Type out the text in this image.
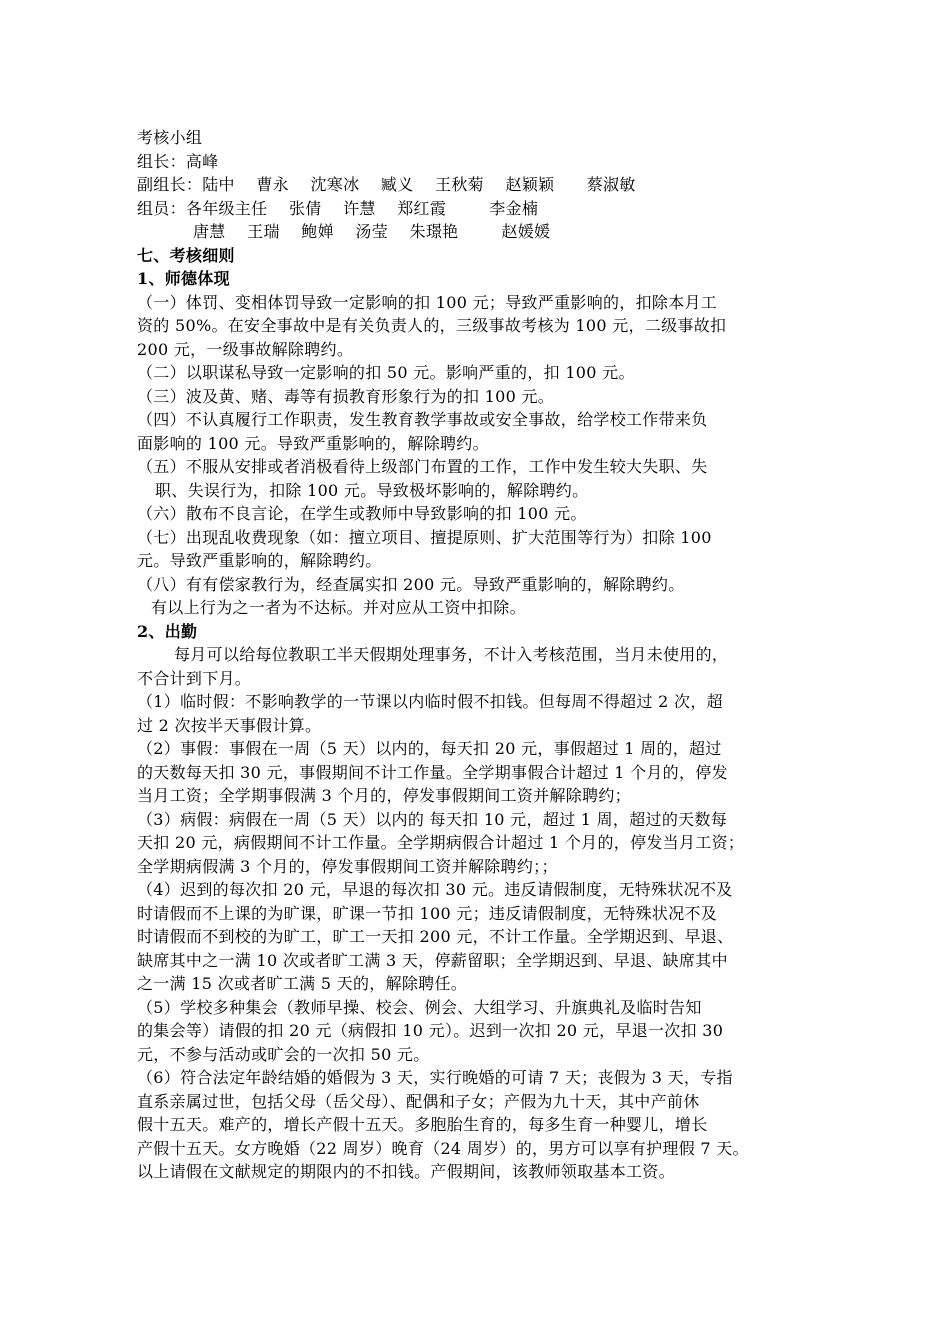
考核小组
组长：高峰
副组长：陆中    曹永    沈寒冰    臧义    王秋菊    赵颖颖      蔡淑敏
组员：各年级主任    张倩    许慧    郑红霞        李金楠
唐慧    王瑞    鲍婵    汤莹    朱璟艳        赵媛媛
七、考核细则
1、师德体现
（一）体罚、变相体罚导致一定影响的扣 100 元；导致严重影响的，扣除本月工
资的 50%。在安全事故中是有关负责人的，三级事故考核为 100 元，二级事故扣
200 元，一级事故解除聘约。
（二）以职谋私导致一定影响的扣 50 元。影响严重的，扣 100 元。
（三）波及黄、赌、毒等有损教育形象行为的扣 100 元。
（四）不认真履行工作职责，发生教育教学事故或安全事故，给学校工作带来负
面影响的 100 元。导致严重影响的，解除聘约。
（五）不服从安排或者消极看待上级部门布置的工作，工作中发生较大失职、失
职、失误行为，扣除 100 元。导致极坏影响的，解除聘约。
（六）散布不良言论，在学生或教师中导致影响的扣 100 元。
（七）出现乱收费现象（如：擅立项目、擅提原则、扩大范围等行为）扣除 100
元。导致严重影响的，解除聘约。
（八）有有偿家教行为，经查属实扣 200 元。导致严重影响的，解除聘约。
有以上行为之一者为不达标。并对应从工资中扣除。
2、出勤
每月可以给每位教职工半天假期处理事务，不计入考核范围，当月未使用的，
不合计到下月。
（1）临时假：不影响教学的一节课以内临时假不扣钱。但每周不得超过 2 次，超
过 2 次按半天事假计算。
（2）事假：事假在一周（5 天）以内的，每天扣 20 元，事假超过 1 周的，超过
的天数每天扣 30 元，事假期间不计工作量。全学期事假合计超过 1 个月的，停发
当月工资；全学期事假满 3 个月的，停发事假期间工资并解除聘约；
（3）病假：病假在一周（5 天）以内的 每天扣 10 元，超过 1 周，超过的天数每
天扣 20 元，病假期间不计工作量。全学期病假合计超过 1 个月的，停发当月工资；
全学期病假满 3 个月的，停发事假期间工资并解除聘约；；
（4）迟到的每次扣 20 元，早退的每次扣 30 元。违反请假制度，无特殊状况不及
时请假而不上课的为旷课，旷课一节扣 100 元；违反请假制度，无特殊状况不及
时请假而不到校的为旷工，旷工一天扣 200 元，不计工作量。全学期迟到、早退、
缺席其中之一满 10 次或者旷工满 3 天，停薪留职；全学期迟到、早退、缺席其中
之一满 15 次或者旷工满 5 天的，解除聘任。
（5）学校多种集会（教师早操、校会、例会、大组学习、升旗典礼及临时告知
的集会等）请假的扣 20 元（病假扣 10 元）。迟到一次扣 20 元，早退一次扣 30
元，不参与活动或旷会的一次扣 50 元。
（6）符合法定年龄结婚的婚假为 3 天，实行晚婚的可请 7 天；丧假为 3 天，专指
直系亲属过世，包括父母（岳父母）、配偶和子女；产假为九十天，其中产前休
假十五天。难产的，增长产假十五天。多胞胎生育的，每多生育一种婴儿，增长
产假十五天。女方晚婚（22 周岁）晚育（24 周岁）的，男方可以享有护理假 7 天。
以上请假在文献规定的期限内的不扣钱。产假期间，该教师领取基本工资。
